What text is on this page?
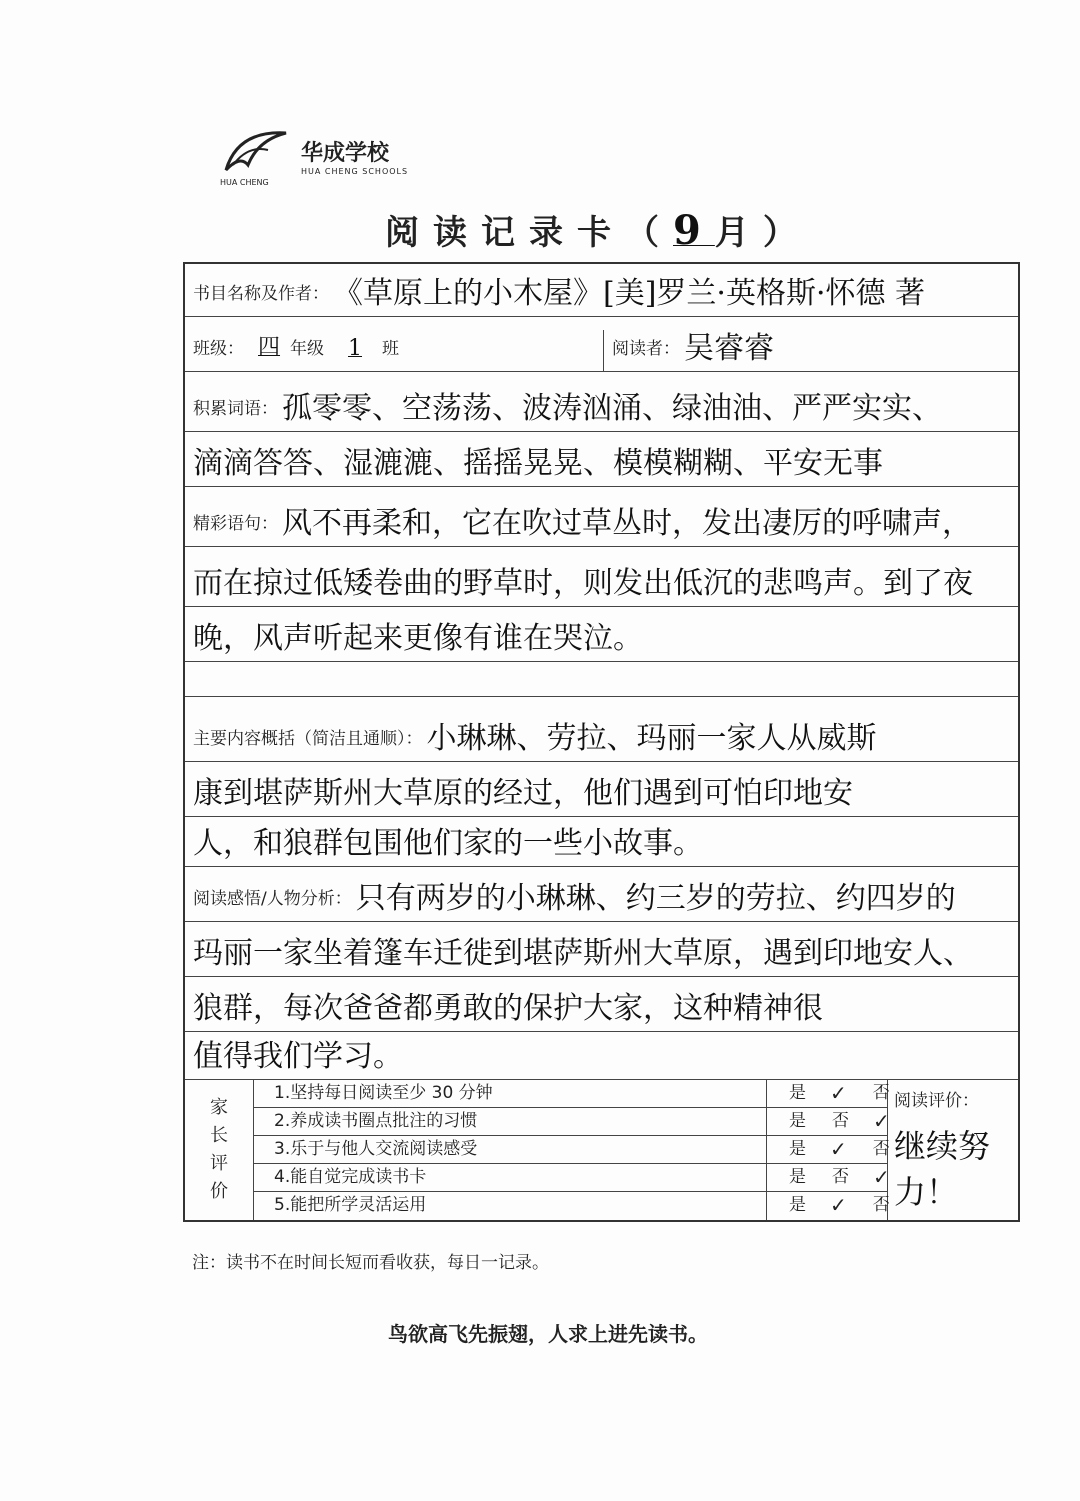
HUA CHENG
华成学校
HUA CHENG SCHOOLS
阅读记录卡（9月）
书目名称及作者： 《草原上的小木屋》[美]罗兰·英格斯·怀德 著
班级： 四 年级 1 班	阅读者： 吴睿睿
积累词语： 孤零零、空荡荡、波涛汹涌、绿油油、严严实实、
滴滴答答、湿漉漉、摇摇晃晃、模模糊糊、平安无事
精彩语句： 风不再柔和，它在吹过草丛时，发出凄厉的呼啸声，
而在掠过低矮卷曲的野草时，则发出低沉的悲鸣声。到了夜
晚，风声听起来更像有谁在哭泣。
主要内容概括（简洁且通顺）： 小琳琳、劳拉、玛丽一家人从威斯
康到堪萨斯州大草原的经过，他们遇到可怕印地安
人，和狼群包围他们家的一些小故事。
阅读感悟/人物分析： 只有两岁的小琳琳、约三岁的劳拉、约四岁的
玛丽一家坐着篷车迁徙到堪萨斯州大草原，遇到印地安人、
狼群，每次爸爸都勇敢的保护大家，这种精神很
值得我们学习。
家
长
评
价
1.坚持每日阅读至少 30 分钟
2.养成读书圈点批注的习惯
3.乐于与他人交流阅读感受
4.能自觉完成读书卡
5.能把所学灵活运用
是 ✓ 否
是 否 ✓
是 ✓ 否
是 否 ✓
是 ✓ 否
阅读评价：
继续努力！
注：读书不在时间长短而看收获，每日一记录。
鸟欲高飞先振翅，人求上进先读书。
